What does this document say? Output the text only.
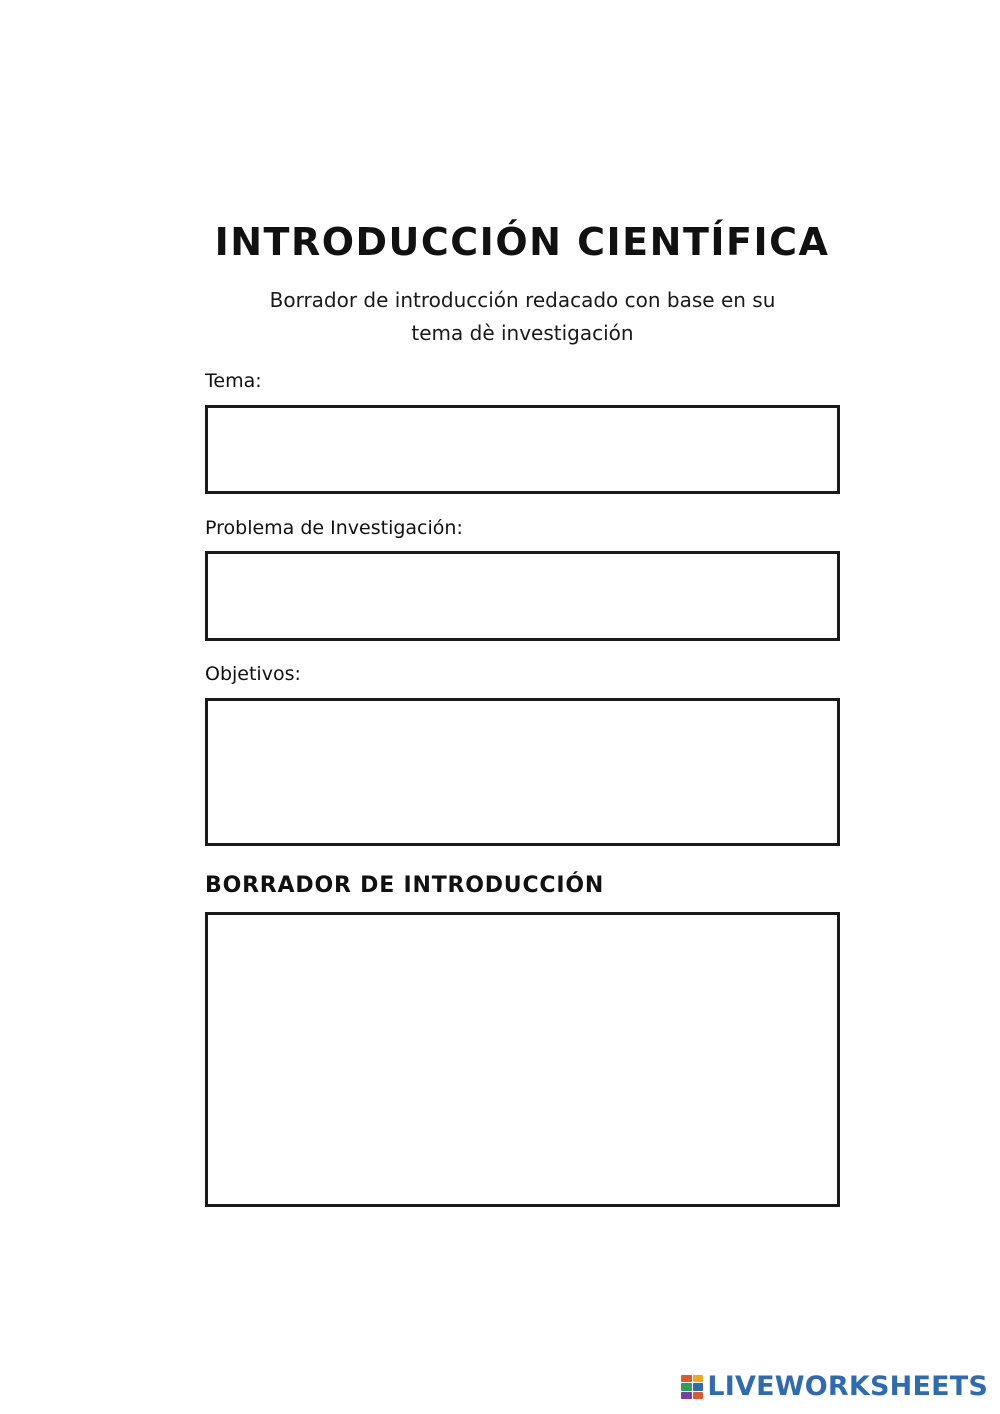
INTRODUCCIÓN CIENTÍFICA

Borrador de introducción redacado con base en su tema dè investigación

Tema:

Problema de Investigación:

Objetivos:

BORRADOR DE INTRODUCCIÓN

LIVEWORKSHEETS
